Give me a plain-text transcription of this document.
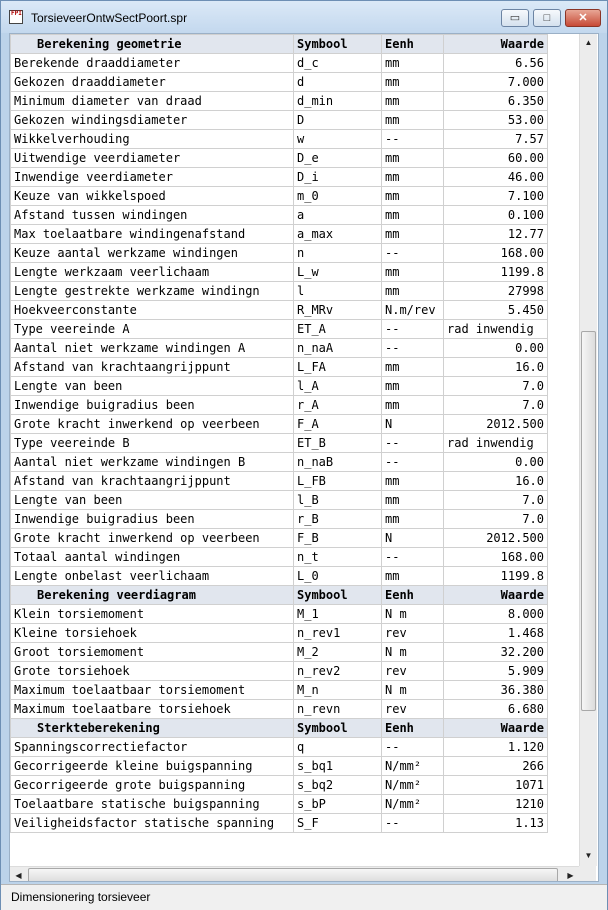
FPI TorsieveerOntwSectPoort.spr	▭	□	✕
Berekening geometrie	Symbool	Eenh	Waarde
Berekende draaddiameter	d_c	mm	6.56
Gekozen draaddiameter	d	mm	7.000
Minimum diameter van draad	d_min	mm	6.350
Gekozen windingsdiameter	D	mm	53.00
Wikkelverhouding	w	--	7.57
Uitwendige veerdiameter	D_e	mm	60.00
Inwendige veerdiameter	D_i	mm	46.00
Keuze van wikkelspoed	m_0	mm	7.100
Afstand tussen windingen	a	mm	0.100
Max toelaatbare windingenafstand	a_max	mm	12.77
Keuze aantal werkzame windingen	n	--	168.00
Lengte werkzaam veerlichaam	L_w	mm	1199.8
Lengte gestrekte werkzame windingn	l	mm	27998
Hoekveerconstante	R_MRv	N.m/rev	5.450
Type veereinde A	ET_A	--	rad inwendig
Aantal niet werkzame windingen A	n_naA	--	0.00
Afstand van krachtaangrijppunt	L_FA	mm	16.0
Lengte van been	l_A	mm	7.0
Inwendige buigradius been	r_A	mm	7.0
Grote kracht inwerkend op veerbeen	F_A	N	2012.500
Type veereinde B	ET_B	--	rad inwendig
Aantal niet werkzame windingen B	n_naB	--	0.00
Afstand van krachtaangrijppunt	L_FB	mm	16.0
Lengte van been	l_B	mm	7.0
Inwendige buigradius been	r_B	mm	7.0
Grote kracht inwerkend op veerbeen	F_B	N	2012.500
Totaal aantal windingen	n_t	--	168.00
Lengte onbelast veerlichaam	L_0	mm	1199.8
Berekening veerdiagram	Symbool	Eenh	Waarde
Klein torsiemoment	M_1	N m	8.000
Kleine torsiehoek	n_rev1	rev	1.468
Groot torsiemoment	M_2	N m	32.200
Grote torsiehoek	n_rev2	rev	5.909
Maximum toelaatbaar torsiemoment	M_n	N m	36.380
Maximum toelaatbare torsiehoek	n_revn	rev	6.680
Sterkteberekening	Symbool	Eenh	Waarde
Spanningscorrectiefactor	q	--	1.120
Gecorrigeerde kleine buigspanning	s_bq1	N/mm²	266
Gecorrigeerde grote buigspanning	s_bq2	N/mm²	1071
Toelaatbare statische buigspanning	s_bP	N/mm²	1210
Veiligheidsfactor statische spanning	S_F	--	1.13
▲
▼
◀	▶
Dimensionering torsieveer
